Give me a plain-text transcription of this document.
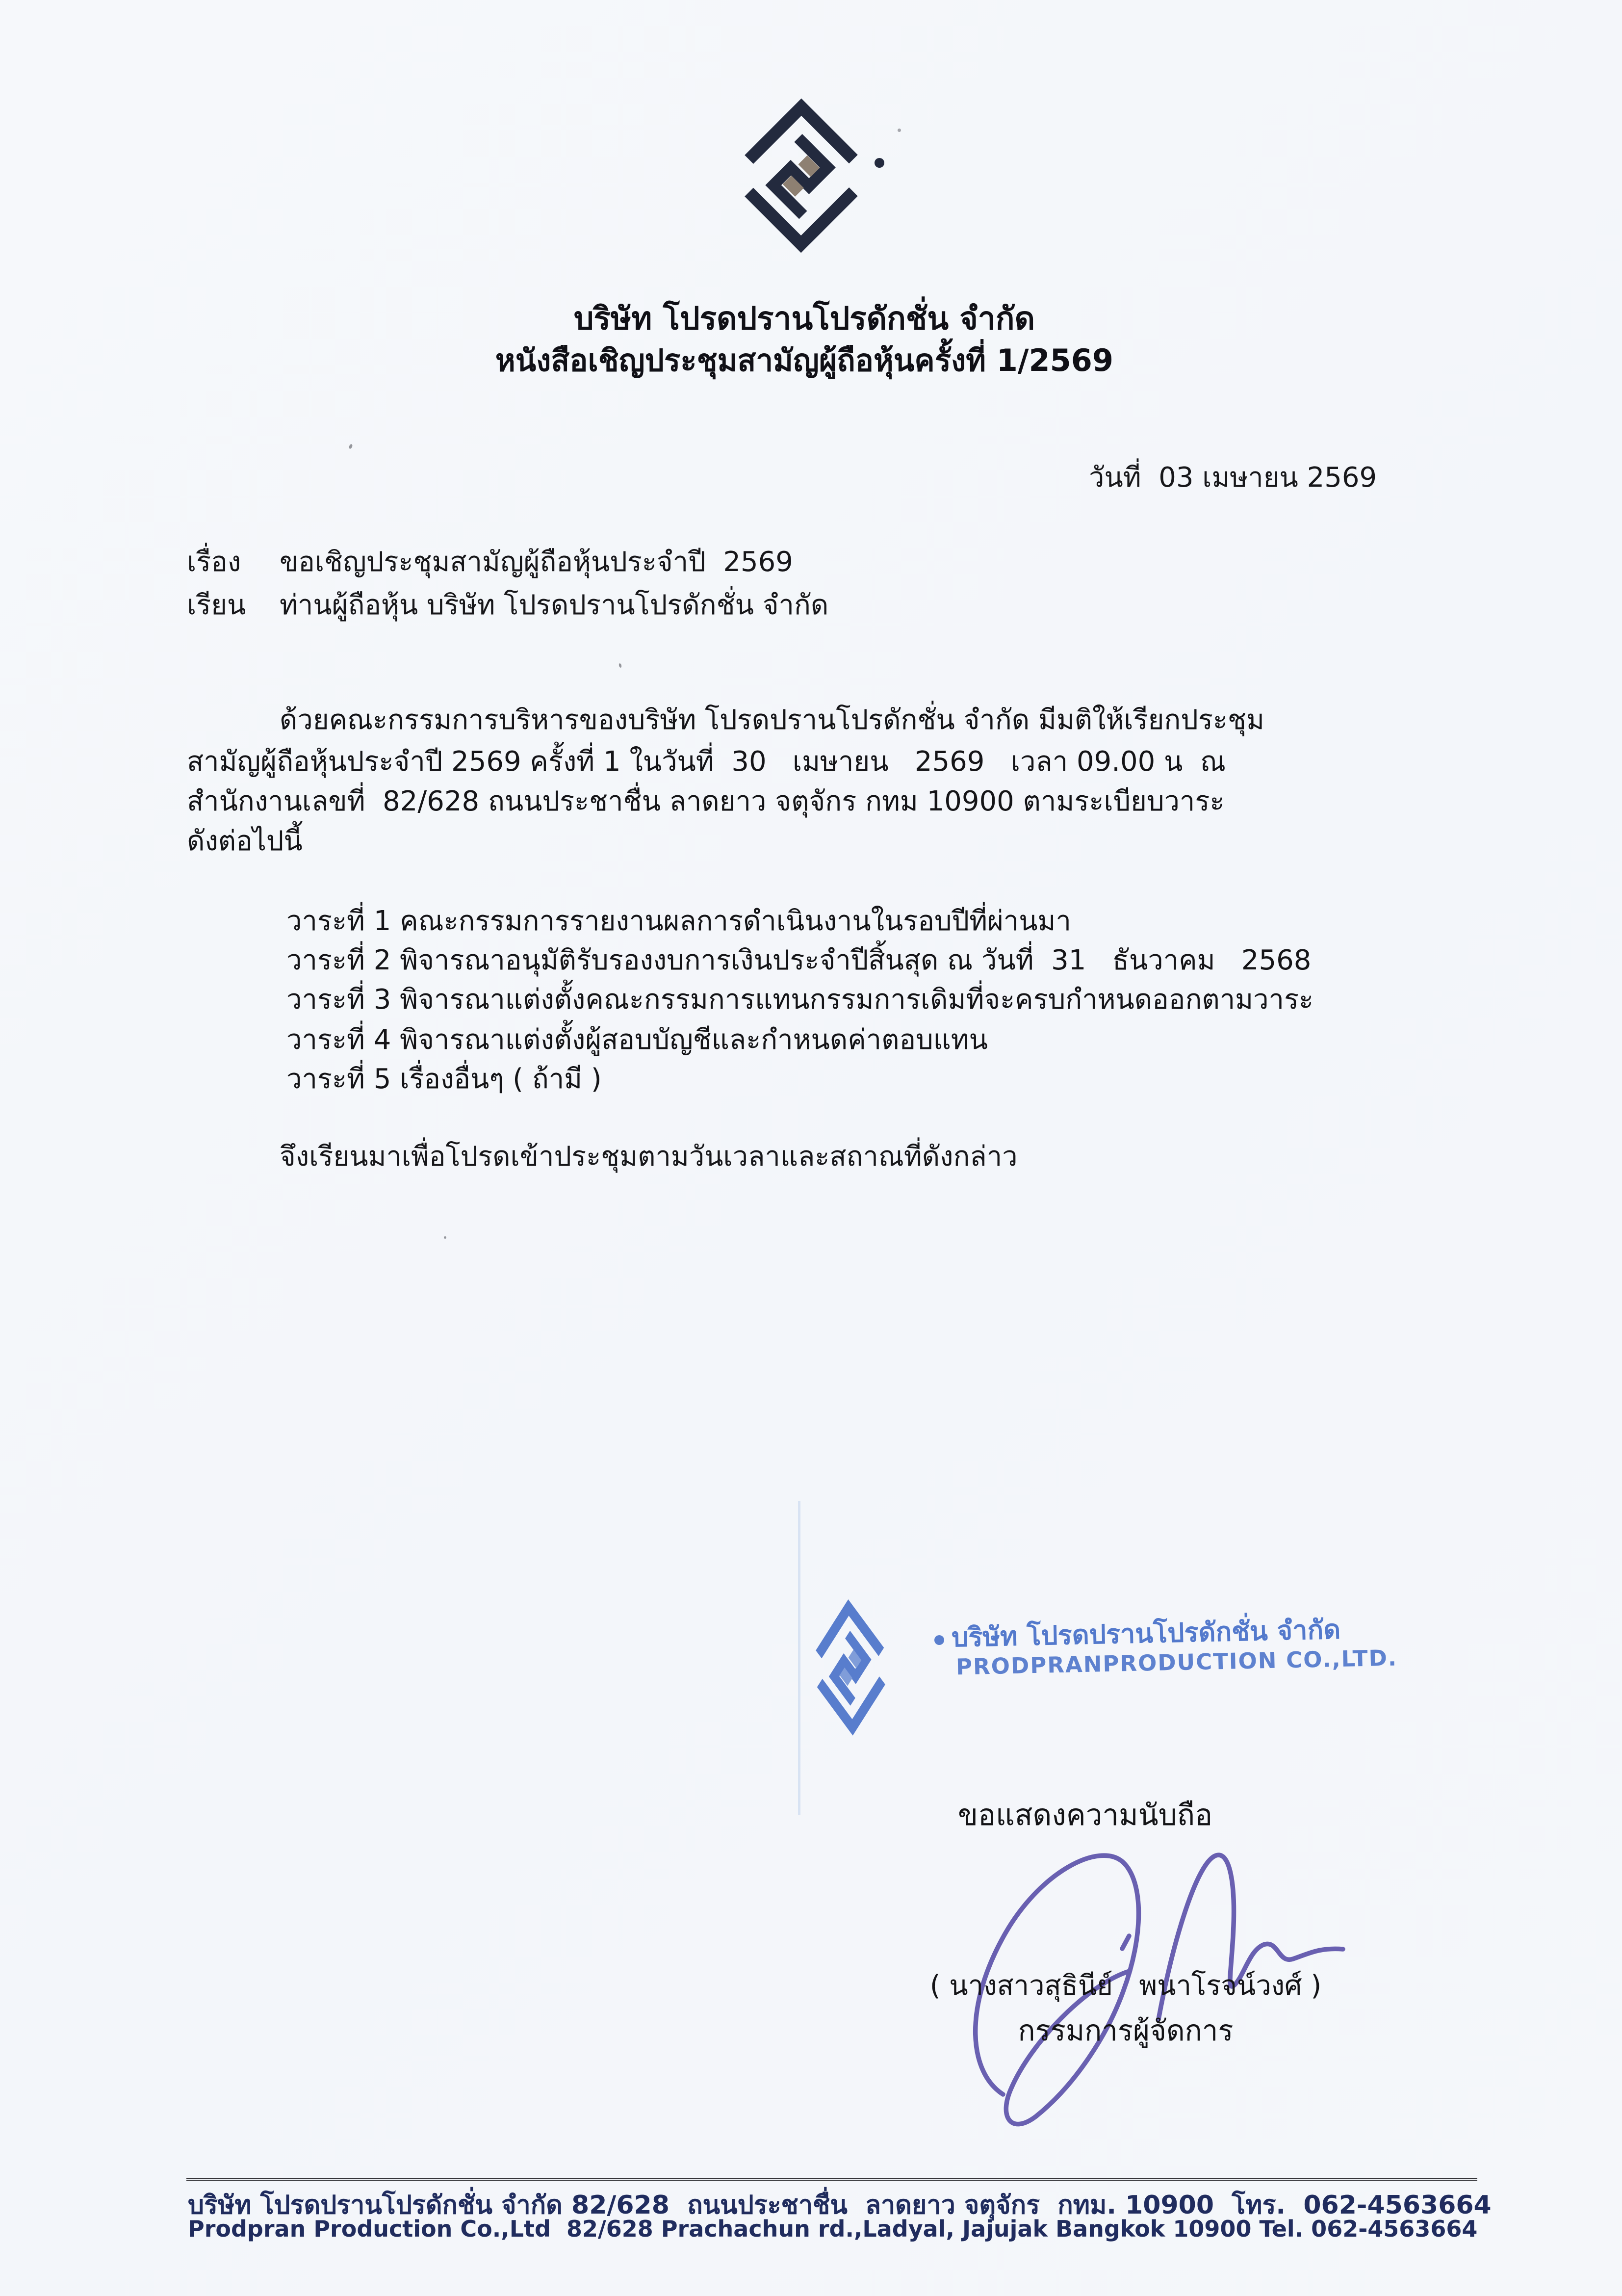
บริษัท โปรดปรานโปรดักชั่น จำกัด
หนังสือเชิญประชุมสามัญผู้ถือหุ้นครั้งที่ 1/2569
วันที่  03 เมษายน 2569
เรื่อง ขอเชิญประชุมสามัญผู้ถือหุ้นประจำปี  2569
เรียน ท่านผู้ถือหุ้น บริษัท โปรดปรานโปรดักชั่น จำกัด
ด้วยคณะกรรมการบริหารของบริษัท โปรดปรานโปรดักชั่น จำกัด มีมติให้เรียกประชุม
สามัญผู้ถือหุ้นประจำปี 2569 ครั้งที่ 1 ในวันที่  30   เมษายน   2569   เวลา 09.00 น  ณ
สำนักงานเลขที่  82/628 ถนนประชาชื่น ลาดยาว จตุจักร กทม 10900 ตามระเบียบวาระ
ดังต่อไปนี้
วาระที่ 1 คณะกรรมการรายงานผลการดำเนินงานในรอบปีที่ผ่านมา
วาระที่ 2 พิจารณาอนุมัติรับรองงบการเงินประจำปีสิ้นสุด ณ วันที่  31   ธันวาคม   2568
วาระที่ 3 พิจารณาแต่งตั้งคณะกรรมการแทนกรรมการเดิมที่จะครบกำหนดออกตามวาระ
วาระที่ 4 พิจารณาแต่งตั้งผู้สอบบัญชีและกำหนดค่าตอบแทน
วาระที่ 5 เรื่องอื่นๆ ( ถ้ามี )
จึงเรียนมาเพื่อโปรดเข้าประชุมตามวันเวลาและสถาณที่ดังกล่าว
บริษัท โปรดปรานโปรดักชั่น จำกัด
PRODPRANPRODUCTION CO.,LTD.
ขอแสดงความนับถือ
( นางสาวสุธินีย์   พนาโรจน์วงศ์ )
กรรมการผู้จัดการ
บริษัท โปรดปรานโปรดักชั่น จำกัด 82/628  ถนนประชาชื่น  ลาดยาว จตุจักร  กทม. 10900  โทร.  062-4563664
Prodpran Production Co.,Ltd  82/628 Prachachun rd.,Ladyal, Jajujak Bangkok 10900 Tel. 062-4563664
